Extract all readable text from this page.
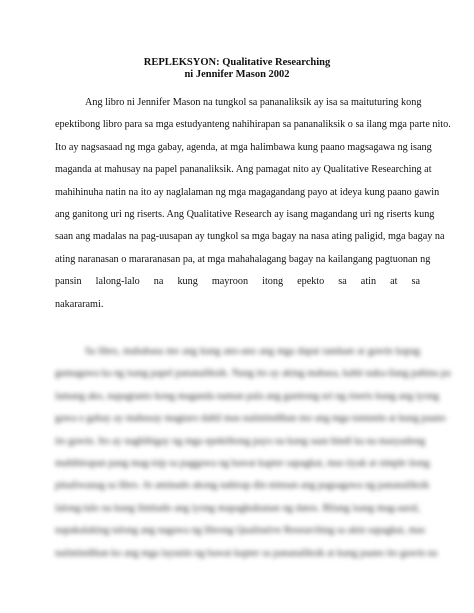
REPLEKSYON: Qualitative Researching
ni Jennifer Mason 2002
Ang libro ni Jennifer Mason na tungkol sa pananaliksik ay isa sa maituturing kong
epektibong libro para sa mga estudyanteng nahihirapan sa pananaliksik o sa ilang mga parte nito.
Ito ay nagsasaad ng mga gabay, agenda, at mga halimbawa kung paano magsagawa ng isang
maganda at mahusay na papel pananaliksik. Ang pamagat nito ay Qualitative Researching at
mahihinuha natin na ito ay naglalaman ng mga magagandang payo at ideya kung paano gawin
ang ganitong uri ng riserts. Ang Qualitative Research ay isang magandang uri ng riserts kung
saan ang madalas na pag-uusapan ay tungkol sa mga bagay na nasa ating paligid, mga bagay na
ating naranasan o mararanasan pa, at mga mahahalagang bagay na kailangang pagtuonan ng
pansin lalong-lalo na kung mayroon itong epekto sa atin at sa
nakararami.
Sa libro, mababasa mo ang kung ano-ano ang mga dapat tandaan at gawin kapag
gumagawa ka ng isang papel pananaliksik. Nang ito ay aking mabasa, kahit naka-ilang pahina pa
lamang ako, napagtanto kong maganda naman pala ang ganitong uri ng riserts kung ang iyong
gawa o gabay ay mahusay magturo dahil mas naiintindihan mo ang mga tuntunin at kung paano
ito gawin. Ito ay nagbibigay ng mga epektibong payo na kung saan hindi ka na masyadong
mahihirapan pang mag-isip sa paggawa ng bawat kapter sapagkat, mas tiyak at simple itong
pinaliwanag sa libro. At aminado akong nahirap din minsan ang pagsagawa ng pananaliksik
lalong-lalo na kung limitado ang iyong mapagkukunan ng datos. Bilang isang mag-aaral,
napakalaking tulong ang nagawa ng librong Qualitative Researching sa akin sapagkat, mas
naiintindihan ko ang mga layunin ng bawat kapter sa pananaliksik at kung paano ito gawin na
